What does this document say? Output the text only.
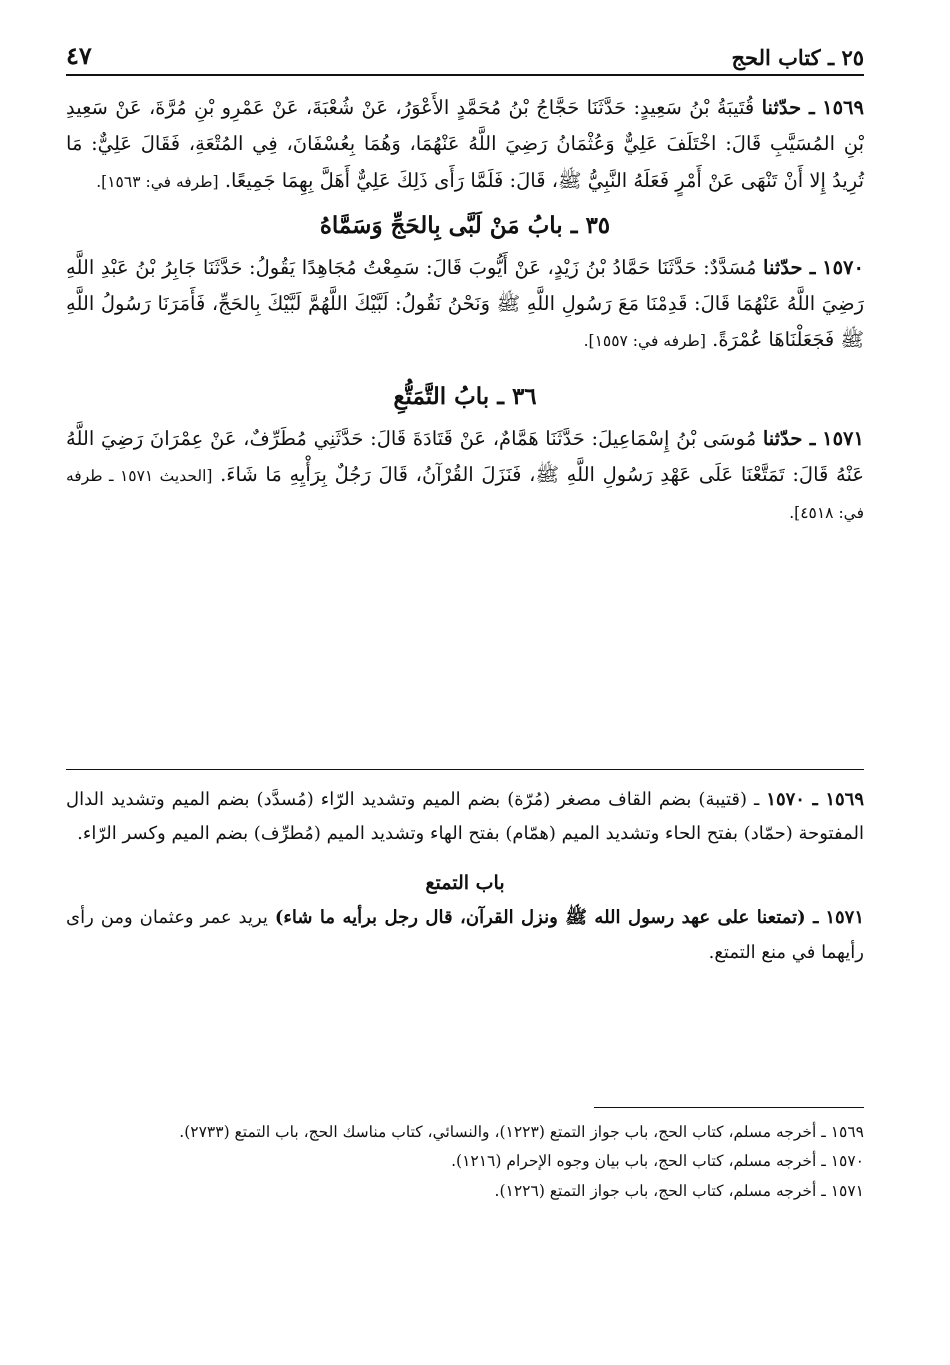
٢٥ ـ كتاب الحج
٤٧

١٥٦٩ ـ حدّثنا قُتَيبَةُ بْنُ سَعِيدٍ: حَدَّثَنَا حَجَّاجُ بْنُ مُحَمَّدٍ الأَعْوَرُ، عَنْ شُعْبَةَ، عَنْ عَمْرِو بْنِ مُرَّةَ، عَنْ سَعِيدِ بْنِ المُسَيَّبِ قَالَ: اخْتَلَفَ عَلِيٌّ وَعُثْمَانُ رَضِيَ اللَّهُ عَنْهُمَا، وَهُمَا بِعُسْفَانَ، فِي المُتْعَةِ، فَقَالَ عَلِيٌّ: مَا تُرِيدُ إِلا أَنْ تَنْهَى عَنْ أَمْرٍ فَعَلَهُ النَّبِيُّ ﷺ، قَالَ: فَلَمَّا رَأَى ذَلِكَ عَلِيٌّ أَهَلَّ بِهِمَا جَمِيعًا. [طرفه في: ١٥٦٣].

٣٥ ـ بابُ مَنْ لَبَّى بِالحَجِّ وَسَمَّاهُ

١٥٧٠ ـ حدّثنا مُسَدَّدٌ: حَدَّثَنَا حَمَّادُ بْنُ زَيْدٍ، عَنْ أَيُّوبَ قَالَ: سَمِعْتُ مُجَاهِدًا يَقُولُ: حَدَّثَنَا جَابِرُ بْنُ عَبْدِ اللَّهِ رَضِيَ اللَّهُ عَنْهُمَا قَالَ: قَدِمْنَا مَعَ رَسُولِ اللَّهِ ﷺ وَنَحْنُ نَقُولُ: لَبَّيْكَ اللَّهُمَّ لَبَّيْكَ بِالحَجِّ، فَأَمَرَنَا رَسُولُ اللَّهِ ﷺ فَجَعَلْنَاهَا عُمْرَةً. [طرفه في: ١٥٥٧].

٣٦ ـ بابُ التَّمَتُّعِ

١٥٧١ ـ حدّثنا مُوسَى بْنُ إِسْمَاعِيلَ: حَدَّثَنَا هَمَّامٌ، عَنْ قَتَادَةَ قَالَ: حَدَّثَنِي مُطَرِّفٌ، عَنْ عِمْرَانَ رَضِيَ اللَّهُ عَنْهُ قَالَ: تَمَتَّعْنَا عَلَى عَهْدِ رَسُولِ اللَّهِ ﷺ، فَنَزَلَ القُرْآنُ، قَالَ رَجُلٌ بِرَأْيِهِ مَا شَاءَ. [الحديث ١٥٧١ ـ طرفه في: ٤٥١٨].

١٥٦٩ ـ ١٥٧٠ ـ (قتيبة) بضم القاف مصغر (مُرّة) بضم الميم وتشديد الرّاء (مُسدَّد) بضم الميم وتشديد الدال المفتوحة (حمّاد) بفتح الحاء وتشديد الميم (همّام) بفتح الهاء وتشديد الميم (مُطرِّف) بضم الميم وكسر الرّاء.

باب التمتع

١٥٧١ ـ (تمتعنا على عهد رسول الله ﷺ ونزل القرآن، قال رجل برأيه ما شاء) يريد عمر وعثمان ومن رأى رأيهما في منع التمتع.

١٥٦٩ ـ أخرجه مسلم، كتاب الحج، باب جواز التمتع (١٢٢٣)، والنسائي، كتاب مناسك الحج، باب التمتع (٢٧٣٣).

١٥٧٠ ـ أخرجه مسلم، كتاب الحج، باب بيان وجوه الإحرام (١٢١٦).

١٥٧١ ـ أخرجه مسلم، كتاب الحج، باب جواز التمتع (١٢٢٦).
